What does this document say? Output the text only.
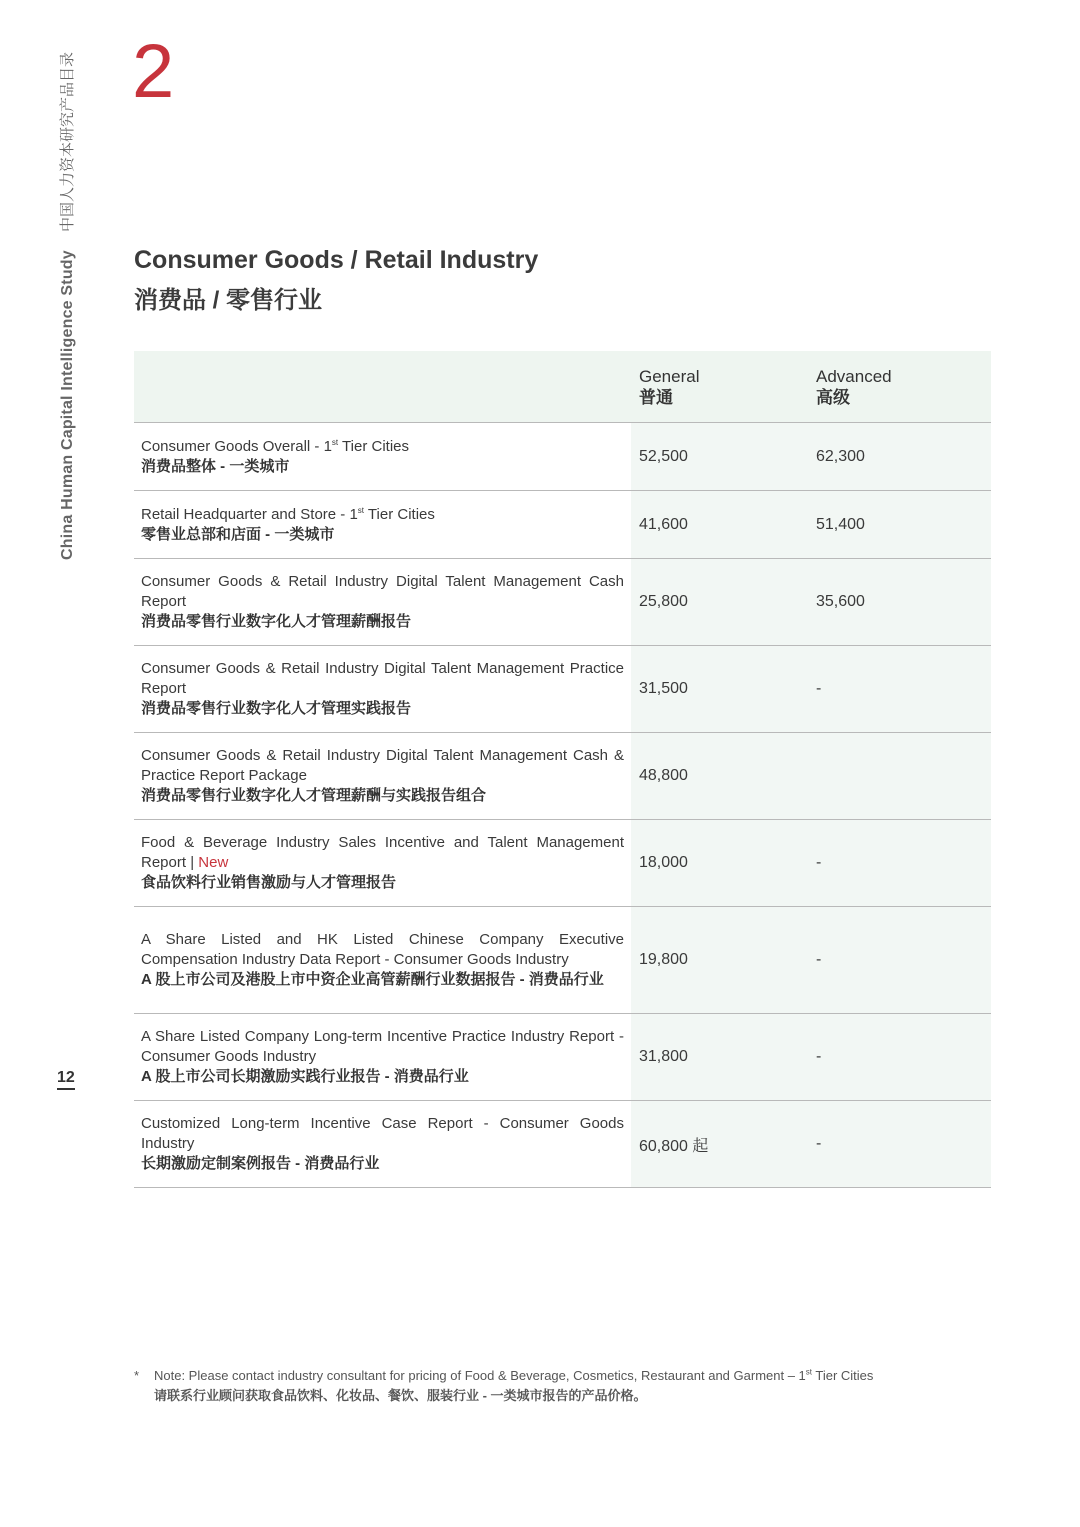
China Human Capital Intelligence Study 中国人力资本研究产品目录
12
2
Consumer Goods / Retail Industry
消费品 / 零售行业
General
普通
Advanced
高级
Consumer Goods Overall - 1st Tier Cities
消费品整体 - 一类城市
52,500	62,300
Retail Headquarter and Store - 1st Tier Cities
零售业总部和店面 - 一类城市
41,600	51,400
Consumer Goods & Retail Industry Digital Talent Management Cash Report
消费品零售行业数字化人才管理薪酬报告
25,800	35,600
Consumer Goods & Retail Industry Digital Talent Management Practice Report
消费品零售行业数字化人才管理实践报告
31,500	-
Consumer Goods & Retail Industry Digital Talent Management Cash & Practice Report Package
消费品零售行业数字化人才管理薪酬与实践报告组合
48,800
Food & Beverage Industry Sales Incentive and Talent Management Report | New
食品饮料行业销售激励与人才管理报告
18,000	-
A Share Listed and HK Listed Chinese Company Executive Compensation Industry Data Report - Consumer Goods Industry
A 股上市公司及港股上市中资企业高管薪酬行业数据报告 - 消费品行业
19,800	-
A Share Listed Company Long-term Incentive Practice Industry Report - Consumer Goods Industry
A 股上市公司长期激励实践行业报告 - 消费品行业
31,800	-
Customized Long-term Incentive Case Report - Consumer Goods Industry
长期激励定制案例报告 - 消费品行业
60,800 起	-
* Note: Please contact industry consultant for pricing of Food & Beverage, Cosmetics, Restaurant and Garment – 1st Tier Cities
请联系行业顾问获取食品饮料、化妆品、餐饮、服装行业 - 一类城市报告的产品价格。
